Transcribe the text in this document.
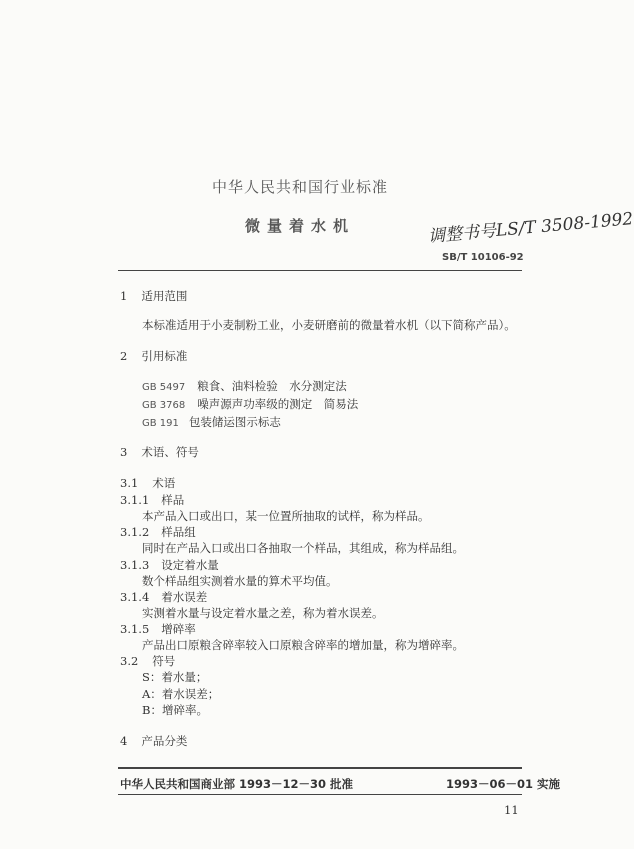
中华人民共和国行业标准
微量着水机	调整书号LS/T 3508-1992
SB/T 10106-92
1 适用范围
本标准适用于小麦制粉工业，小麦研磨前的微量着水机（以下简称产品）。
2 引用标准
GB 5497 粮食、油料检验　水分测定法
GB 3768 噪声源声功率级的测定　简易法
GB 191 包装储运图示标志
3 术语、符号
3.1 术语
3.1.1 样品
本产品入口或出口，某一位置所抽取的试样，称为样品。
3.1.2 样品组
同时在产品入口或出口各抽取一个样品，其组成，称为样品组。
3.1.3 设定着水量
数个样品组实测着水量的算术平均值。
3.1.4 着水误差
实测着水量与设定着水量之差，称为着水误差。
3.1.5 增碎率
产品出口原粮含碎率较入口原粮含碎率的增加量，称为增碎率。
3.2 符号
S：着水量；
A：着水误差；
B：增碎率。
4 产品分类
中华人民共和国商业部 1993－12－30 批准	1993－06－01 实施
11
